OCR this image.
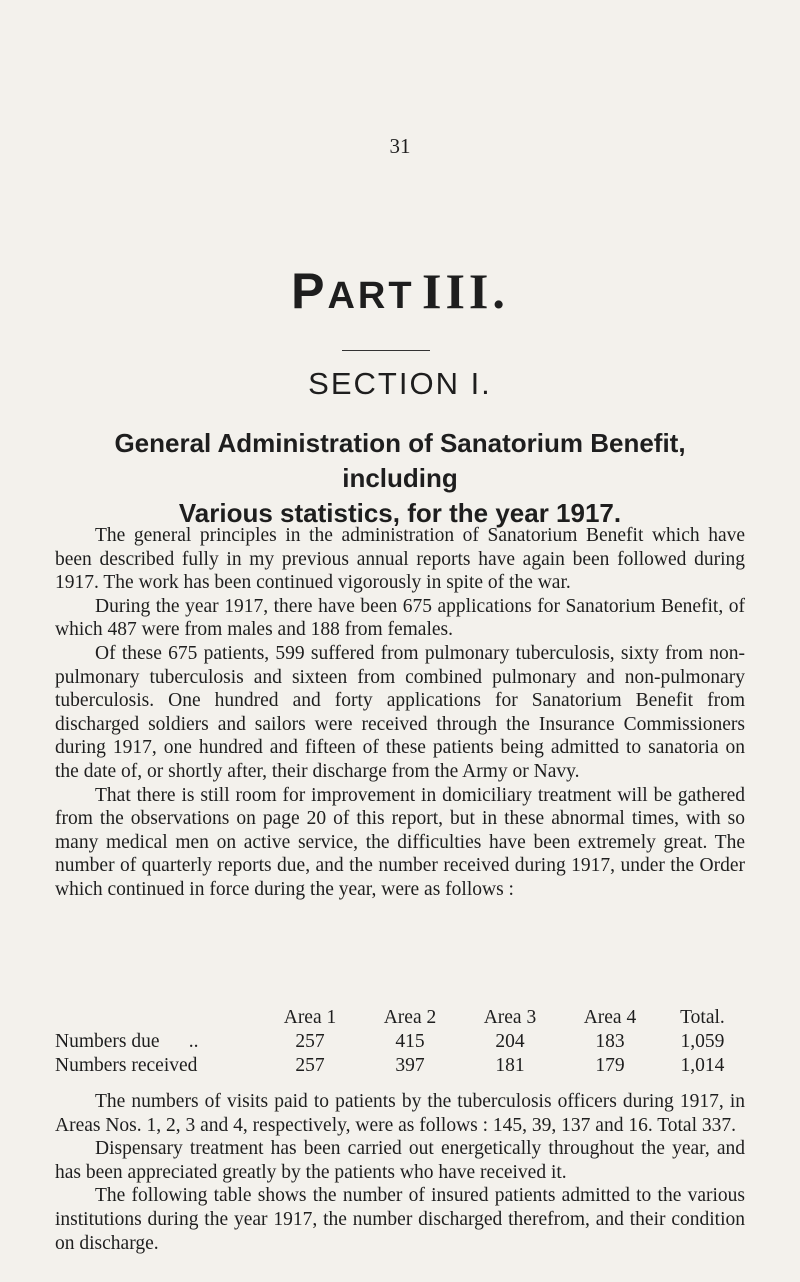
31
PART III.
SECTION I.
General Administration of Sanatorium Benefit, including
Various statistics, for the year 1917.

The general principles in the administration of Sanatorium Benefit which have been described fully in my previous annual reports have again been followed during 1917. The work has been continued vigorously in spite of the war.

During the year 1917, there have been 675 applications for Sanatorium Benefit, of which 487 were from males and 188 from females.

Of these 675 patients, 599 suffered from pulmonary tuberculosis, sixty from non-pulmonary tuberculosis and sixteen from combined pulmonary and non-pulmonary tuberculosis. One hundred and forty applications for Sanatorium Benefit from discharged soldiers and sailors were received through the Insurance Commissioners during 1917, one hundred and fifteen of these patients being admitted to sanatoria on the date of, or shortly after, their discharge from the Army or Navy.

That there is still room for improvement in domiciliary treatment will be gathered from the observations on page 20 of this report, but in these abnormal times, with so many medical men on active service, the difficulties have been extremely great. The number of quarterly reports due, and the number received during 1917, under the Order which continued in force during the year, were as follows :

	Area 1	Area 2	Area 3	Area 4	Total.
Numbers due      ..	257	415	204	183	1,059
Numbers received	257	397	181	179	1,014

The numbers of visits paid to patients by the tuberculosis officers during 1917, in Areas Nos. 1, 2, 3 and 4, respectively, were as follows : 145, 39, 137 and 16. Total 337.

Dispensary treatment has been carried out energetically throughout the year, and has been appreciated greatly by the patients who have received it.

The following table shows the number of insured patients admitted to the various institutions during the year 1917, the number discharged therefrom, and their condition on discharge.
